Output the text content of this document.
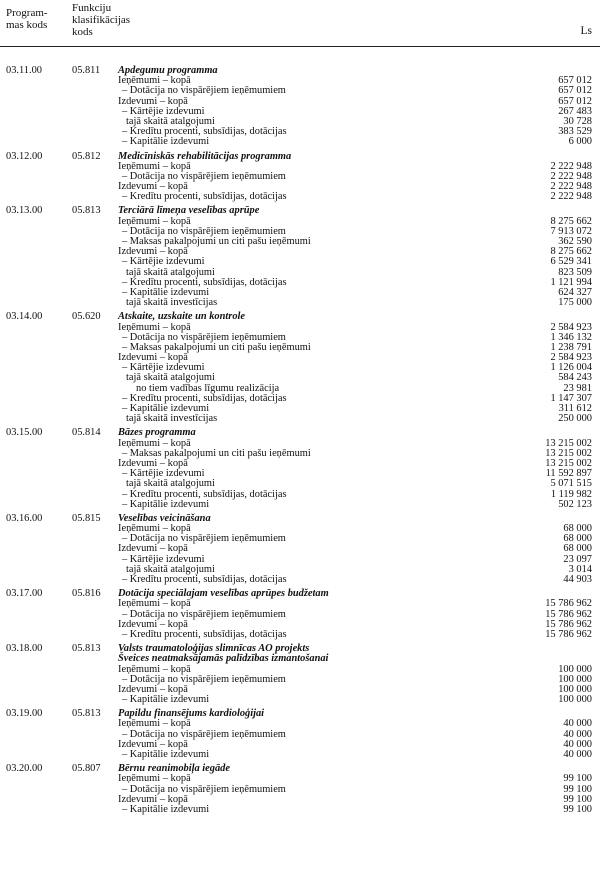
Program-
mas kods
Funkciju
klasifikācijas
kods	Ls
03.11.00	05.811 Apdegumu programma
Ieņēmumi – kopā	657 012
– Dotācija no vispārējiem ieņēmumiem	657 012
Izdevumi – kopā	657 012
– Kārtējie izdevumi	267 483
tajā skaitā atalgojumi	30 728
– Kredītu procenti, subsīdijas, dotācijas	383 529
– Kapitālie izdevumi	6 000
03.12.00	05.812 Medicīniskās rehabilitācijas programma
Ieņēmumi – kopā	2 222 948
– Dotācija no vispārējiem ieņēmumiem	2 222 948
Izdevumi – kopā	2 222 948
– Kredītu procenti, subsīdijas, dotācijas	2 222 948
03.13.00	05.813 Terciārā līmeņa veselības aprūpe
Ieņēmumi – kopā	8 275 662
– Dotācija no vispārējiem ieņēmumiem	7 913 072
– Maksas pakalpojumi un citi pašu ieņēmumi	362 590
Izdevumi – kopā	8 275 662
– Kārtējie izdevumi	6 529 341
tajā skaitā atalgojumi	823 509
– Kredītu procenti, subsīdijas, dotācijas	1 121 994
– Kapitālie izdevumi	624 327
tajā skaitā investīcijas	175 000
03.14.00	05.620 Atskaite, uzskaite un kontrole
Ieņēmumi – kopā	2 584 923
– Dotācija no vispārējiem ieņēmumiem	1 346 132
– Maksas pakalpojumi un citi pašu ieņēmumi	1 238 791
Izdevumi – kopā	2 584 923
– Kārtējie izdevumi	1 126 004
tajā skaitā atalgojumi	584 243
no tiem vadības līgumu realizācija	23 981
– Kredītu procenti, subsīdijas, dotācijas	1 147 307
– Kapitālie izdevumi	311 612
tajā skaitā investīcijas	250 000
03.15.00	05.814 Bāzes programma
Ieņēmumi – kopā	13 215 002
– Maksas pakalpojumi un citi pašu ieņēmumi	13 215 002
Izdevumi – kopā	13 215 002
– Kārtējie izdevumi	11 592 897
tajā skaitā atalgojumi	5 071 515
– Kredītu procenti, subsīdijas, dotācijas	1 119 982
– Kapitālie izdevumi	502 123
03.16.00	05.815 Veselības veicināšana
Ieņēmumi – kopā	68 000
– Dotācija no vispārējiem ieņēmumiem	68 000
Izdevumi – kopā	68 000
– Kārtējie izdevumi	23 097
tajā skaitā atalgojumi	3 014
– Kredītu procenti, subsīdijas, dotācijas	44 903
03.17.00	05.816 Dotācija speciālajam veselības aprūpes budžetam
Ieņēmumi – kopā	15 786 962
– Dotācija no vispārējiem ieņēmumiem	15 786 962
Izdevumi – kopā	15 786 962
– Kredītu procenti, subsīdijas, dotācijas	15 786 962
03.18.00	05.813 Valsts traumatoloģijas slimnīcas AO projekts
Šveices neatmaksājamās palīdzības izmantošanai
Ieņēmumi – kopā	100 000
– Dotācija no vispārējiem ieņēmumiem	100 000
Izdevumi – kopā	100 000
– Kapitālie izdevumi	100 000
03.19.00	05.813 Papildu finansējums kardioloģijai
Ieņēmumi – kopā	40 000
– Dotācija no vispārējiem ieņēmumiem	40 000
Izdevumi – kopā	40 000
– Kapitālie izdevumi	40 000
03.20.00	05.807 Bērnu reanimobiļa iegāde
Ieņēmumi – kopā	99 100
– Dotācija no vispārējiem ieņēmumiem	99 100
Izdevumi – kopā	99 100
– Kapitālie izdevumi	99 100
